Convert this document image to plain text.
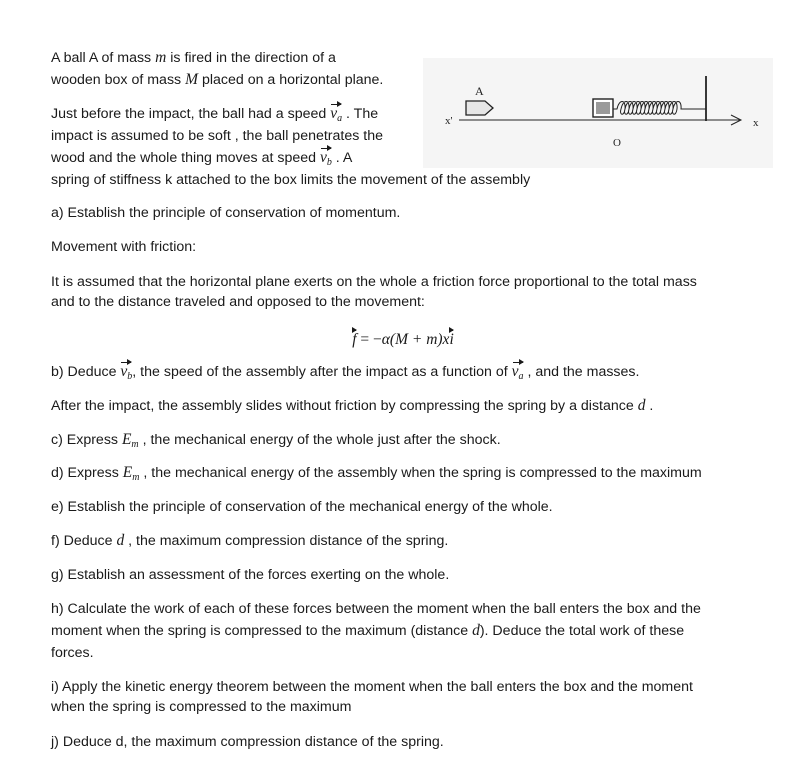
A ball A of mass m is fired in the direction of a
wooden box of mass M placed on a horizontal plane.
Just before the impact, the ball had a speed $v_a$ . The
impact is assumed to be soft , the ball penetrates the
wood and the whole thing moves at speed $v_b$ . A
spring of stiffness k attached to the box limits the movement of the assembly
A
x'	x
O
a) Establish the principle of conservation of momentum.
Movement with friction:
It is assumed that the horizontal plane exerts on the whole a friction force proportional to the total mass
and to the distance traveled and opposed to the movement:
f = −α(M + m)xi
b) Deduce $v_b$, the speed of the assembly after the impact as a function of $v_a$ , and the masses.
After the impact, the assembly slides without friction by compressing the spring by a distance d .
c) Express $E_m$ , the mechanical energy of the whole just after the shock.
d) Express $E_m$ , the mechanical energy of the assembly when the spring is compressed to the maximum
e) Establish the principle of conservation of the mechanical energy of the whole.
f) Deduce d , the maximum compression distance of the spring.
g) Establish an assessment of the forces exerting on the whole.
h) Calculate the work of each of these forces between the moment when the ball enters the box and the
moment when the spring is compressed to the maximum (distance d). Deduce the total work of these
forces.
i) Apply the kinetic energy theorem between the moment when the ball enters the box and the moment
when the spring is compressed to the maximum
j) Deduce d, the maximum compression distance of the spring.
